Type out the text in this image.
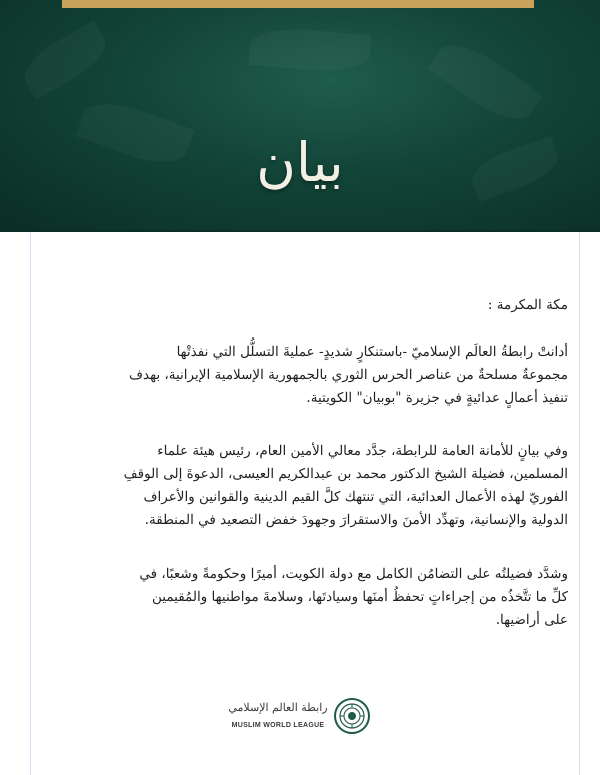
بيان
مكة المكرمة :

أدانتْ رابطةُ العالَم الإسلاميّ -باستنكارٍ شديدٍ- عمليةَ التسلُّل التي نفذتْها

مجموعةٌ مسلحةٌ من عناصر الحرس الثوري بالجمهورية الإسلامية الإيرانية، بهدف

تنفيذ أعمالٍ عدائيةٍ في جزيرة "بوبيان" الكويتية.

وفي بيانٍ للأمانة العامة للرابطة، جدَّد معالي الأمين العام، رئيس هيئة علماء

المسلمين، فضيلة الشيخ الدكتور محمد بن عبدالكريم العيسى، الدعوةَ إلى الوقفِ

الفوريّ لهذه الأعمال العدائية، التي تنتهك كلَّ القيم الدينية والقوانين والأعراف

الدولية والإنسانية، وتهدِّد الأمنَ والاستقرارَ وجهودَ خفض التصعيد في المنطقة.

وشدَّد فضيلتُه على التضامُن الكامل مع دولة الكويت، أميرًا وحكومةً وشعبًا، في

كلِّ ما تتَّخذُه من إجراءاتٍ تحفظُ أمنَها وسيادتَها، وسلامةَ مواطنيها والمُقيمين

على أراضيها.

رابطة العالم الإسلامي
MUSLIM WORLD LEAGUE
